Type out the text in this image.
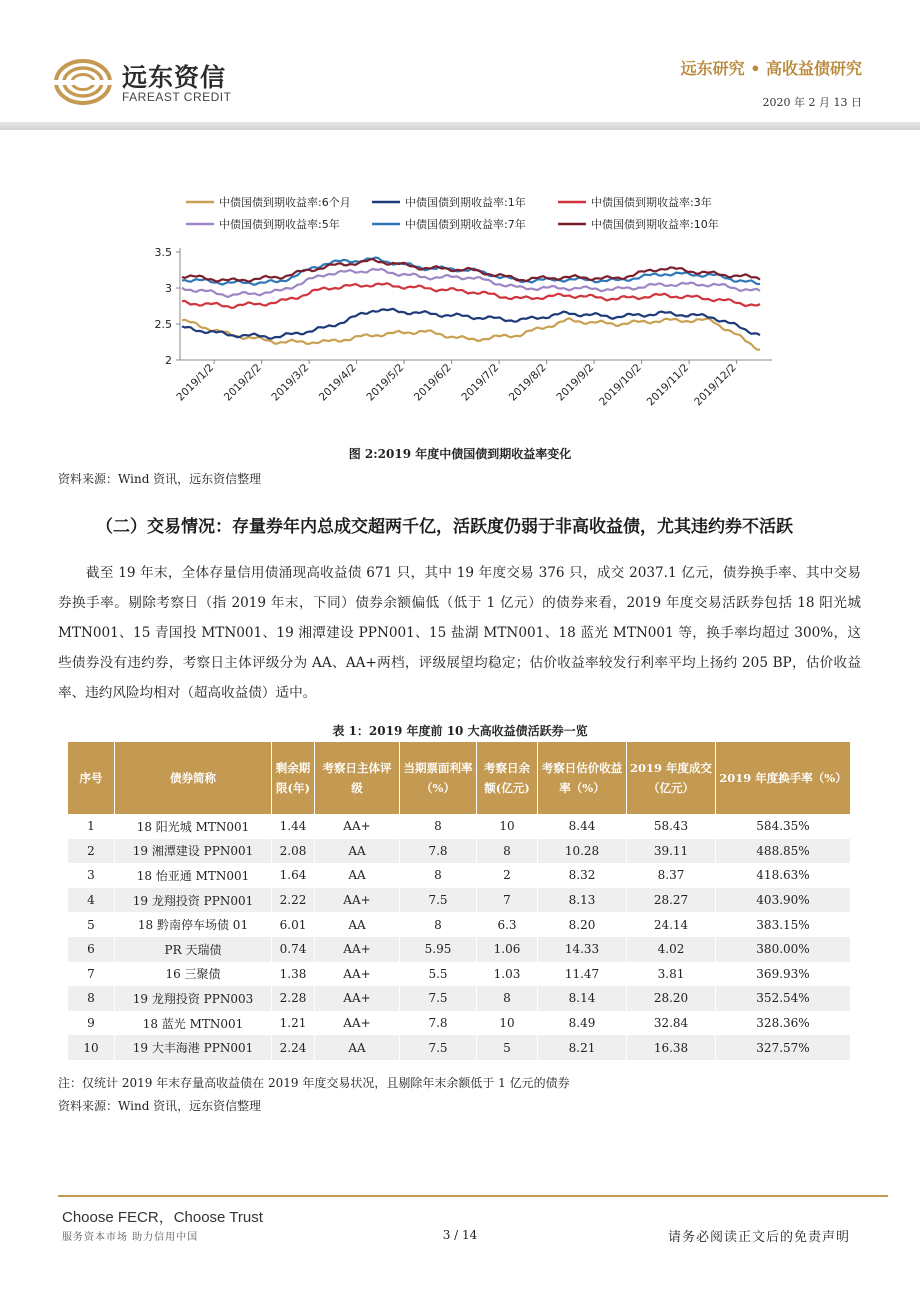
远东资信
FAREAST CREDIT
远东研究 • 高收益债研究
2020 年 2 月 13 日
中债国债到期收益率:6个月	中债国债到期收益率:1年	中债国债到期收益率:3年
中债国债到期收益率:5年	中债国债到期收益率:7年	中债国债到期收益率:10年
3.5
3
2.5
2
2019/1/2 2019/2/2 2019/3/2 2019/4/2 2019/5/2 2019/6/2 2019/7/2 2019/8/2 2019/9/2 2019/10/2 2019/11/2 2019/12/2
图 2:2019 年度中债国债到期收益率变化
资料来源：Wind 资讯，远东资信整理
（二）交易情况：存量券年内总成交超两千亿，活跃度仍弱于非高收益债，尤其违约券不活跃

截至 19 年末，全体存量信用债涌现高收益债 671 只，其中 19 年度交易 376 只，成交 2037.1 亿元，债券换手率、其中交易券换手率。剔除考察日（指 2019 年末，下同）债券余额偏低（低于 1 亿元）的债券来看，2019 年度交易活跃券包括 18 阳光城 MTN001、15 青国投 MTN001、19 湘潭建设 PPN001、15 盐湖 MTN001、18 蓝光 MTN001 等，换手率均超过 300%，这些债券没有违约券，考察日主体评级分为 AA、AA+两档，评级展望均稳定；估价收益率较发行利率平均上扬约 205 BP，估价收益率、违约风险均相对（超高收益债）适中。

表 1：2019 年度前 10 大高收益债活跃券一览
序号	债券简称	剩余期限(年)	考察日主体评级	当期票面利率（%）	考察日余额(亿元)	考察日估价收益率（%）	2019 年度成交（亿元）	2019 年度换手率（%）
1	18 阳光城 MTN001	1.44	AA+	8	10	8.44	58.43	584.35%
2	19 湘潭建设 PPN001	2.08	AA	7.8	8	10.28	39.11	488.85%
3	18 怡亚通 MTN001	1.64	AA	8	2	8.32	8.37	418.63%
4	19 龙翔投资 PPN001	2.22	AA+	7.5	7	8.13	28.27	403.90%
5	18 黔南停车场债 01	6.01	AA	8	6.3	8.20	24.14	383.15%
6	PR 天瑞债	0.74	AA+	5.95	1.06	14.33	4.02	380.00%
7	16 三聚债	1.38	AA+	5.5	1.03	11.47	3.81	369.93%
8	19 龙翔投资 PPN003	2.28	AA+	7.5	8	8.14	28.20	352.54%
9	18 蓝光 MTN001	1.21	AA+	7.8	10	8.49	32.84	328.36%
10	19 大丰海港 PPN001	2.24	AA	7.5	5	8.21	16.38	327.57%
注：仅统计 2019 年末存量高收益债在 2019 年度交易状况，且剔除年末余额低于 1 亿元的债券
资料来源：Wind 资讯，远东资信整理
Choose FECR，Choose Trust
服务资本市场 助力信用中国	3 / 14	请务必阅读正文后的免责声明
